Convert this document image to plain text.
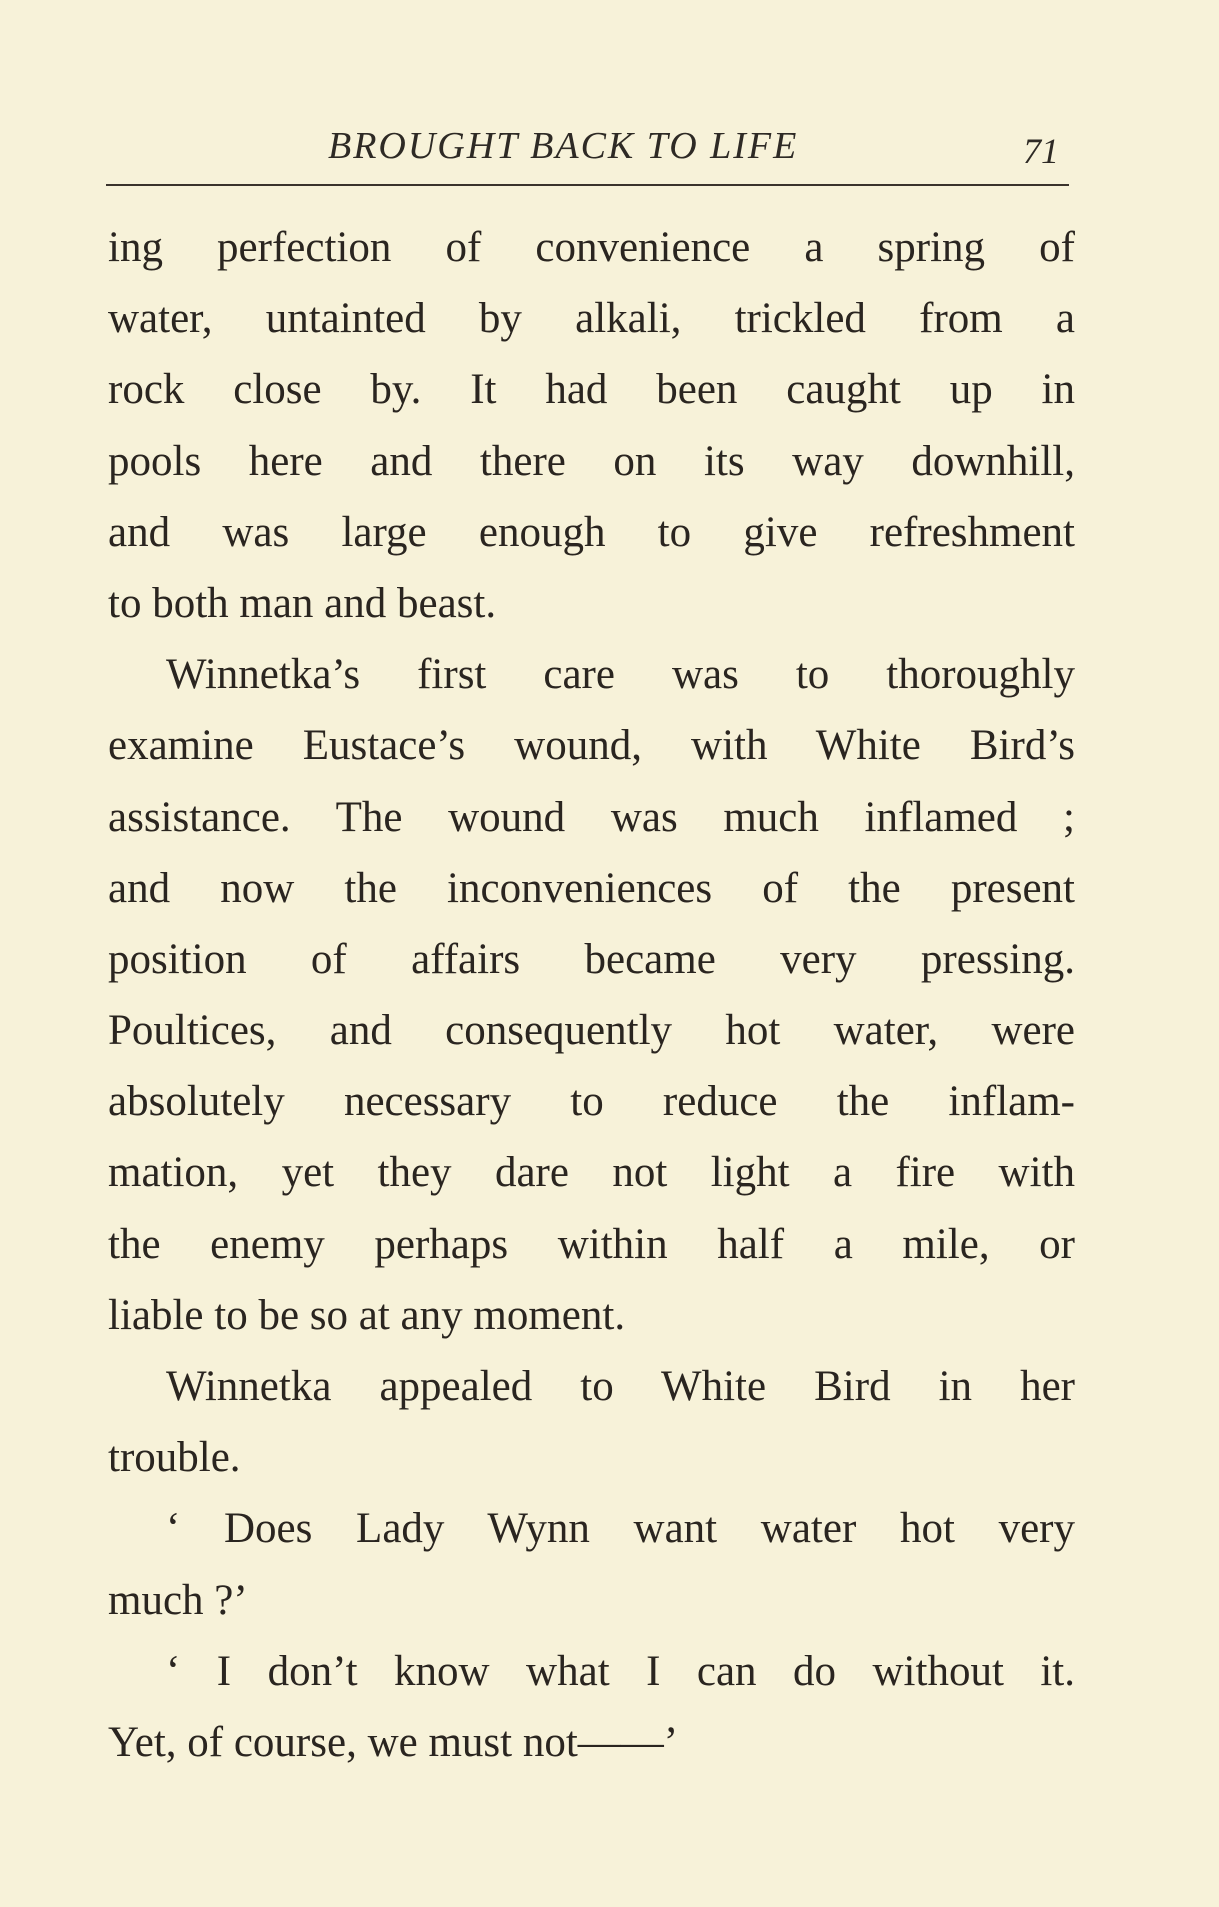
BROUGHT BACK TO LIFE	71
ing perfection of convenience a spring of
water, untainted by alkali, trickled from a
rock close by. It had been caught up in
pools here and there on its way downhill,
and was large enough to give refreshment
to both man and beast.
Winnetka’s first care was to thoroughly
examine Eustace’s wound, with White Bird’s
assistance. The wound was much inflamed ;
and now the inconveniences of the present
position of affairs became very pressing.
Poultices, and consequently hot water, were
absolutely necessary to reduce the inflam-
mation, yet they dare not light a fire with
the enemy perhaps within half a mile, or
liable to be so at any moment.
Winnetka appealed to White Bird in her
trouble.
‘ Does Lady Wynn want water hot very
much ?’
‘ I don’t know what I can do without it.
Yet, of course, we must not——’
